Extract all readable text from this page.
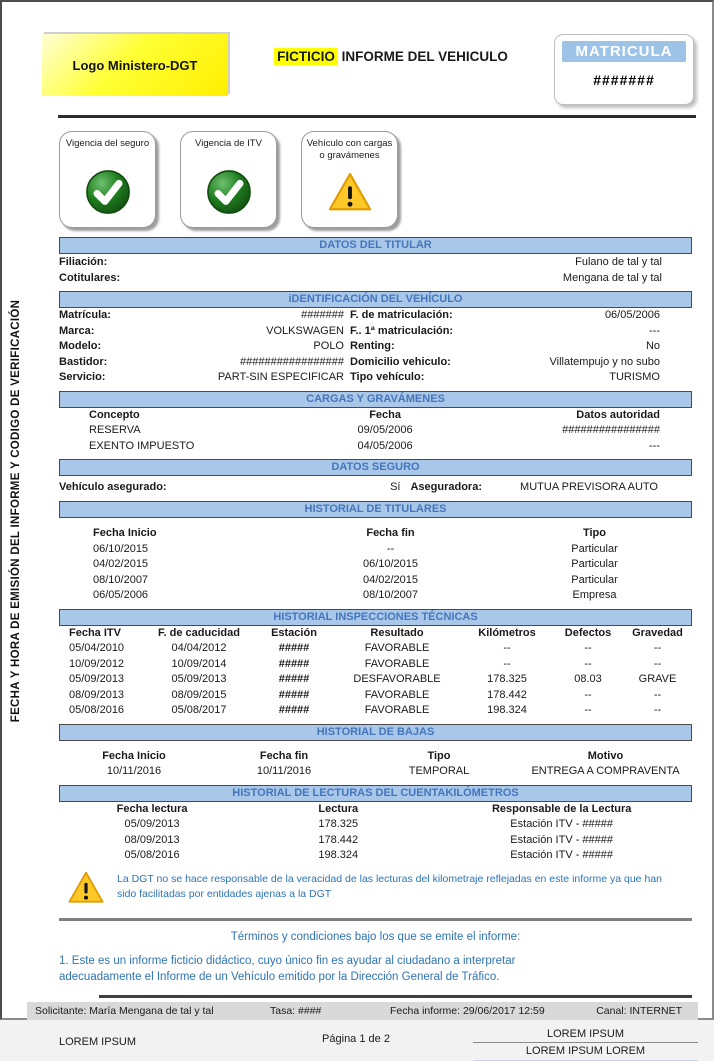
FECHA Y HORA DE EMISIÓN DEL INFORME Y CODIGO DE VERIFICACIÓN
Logo Ministero-DGT
FICTICIO INFORME DEL VEHICULO	MATRICULA
#######
Vigencia del seguro	Vigencia de ITV	Vehículo con cargas o gravámenes
DATOS DEL TITULAR
Filiación:	Fulano de tal y tal
Cotitulares:	Mengana de tal y tal
iDENTIFICACIÓN DEL VEHÍCULO
Matrícula:	####### F. de matriculación:	06/05/2006
Marca:	VOLKSWAGEN F.. 1ª matriculación:	---
Modelo:	POLO Renting:	No
Bastidor:	################# Domicilio vehiculo:	Villatempujo y no subo
Servicio:	PART-SIN ESPECIFICAR Tipo vehículo:	TURISMO
CARGAS Y GRAVÁMENES
Concepto	Fecha	Datos autoridad
RESERVA	09/05/2006	################
EXENTO IMPUESTO	04/05/2006	---
DATOS SEGURO
Vehículo asegurado:	Sí Aseguradora:	MUTUA PREVISORA AUTO
HISTORIAL DE TITULARES
Fecha Inicio	Fecha fin	Tipo
06/10/2015	--	Particular
04/02/2015	06/10/2015	Particular
08/10/2007	04/02/2015	Particular
06/05/2006	08/10/2007	Empresa
HISTORIAL INSPECCIONES TÉCNICAS
Fecha ITV	F. de caducidad	Estación	Resultado	Kilómetros	Defectos	Gravedad
05/04/2010	04/04/2012	#####	FAVORABLE	--	--	--
10/09/2012	10/09/2014	#####	FAVORABLE	--	--	--
05/09/2013	05/09/2013	#####	DESFAVORABLE	178.325	08.03	GRAVE
08/09/2013	08/09/2015	#####	FAVORABLE	178.442	--	--
05/08/2016	05/08/2017	#####	FAVORABLE	198.324	--	--
HISTORIAL DE BAJAS
Fecha Inicio	Fecha fin	Tipo	Motivo
10/11/2016	10/11/2016	TEMPORAL	ENTREGA A COMPRAVENTA
HISTORIAL DE LECTURAS DEL CUENTAKILÓMETROS
Fecha lectura	Lectura	Responsable de la Lectura
05/09/2013	178.325	Estación ITV - #####
08/09/2013	178.442	Estación ITV - #####
05/08/2016	198.324	Estación ITV - #####
La DGT no se hace responsable de la veracidad de las lecturas del kilometraje reflejadas en este informe ya que han sido facilitadas por entidades ajenas a la DGT
Términos y condiciones bajo los que se emite el informe:
1. Este es un informe ficticio didáctico, cuyo único fin es ayudar al ciudadano a interpretar adecuadamente el Informe de un Vehículo emitido por la Dirección General de Tráfico.
Solicitante: María Mengana de tal y tal	Tasa: ####	Fecha informe: 29/06/2017 12:59	Canal: INTERNET
LOREM IPSUM	Página 1 de 2	LOREM IPSUM
LOREM IPSUM LOREM
